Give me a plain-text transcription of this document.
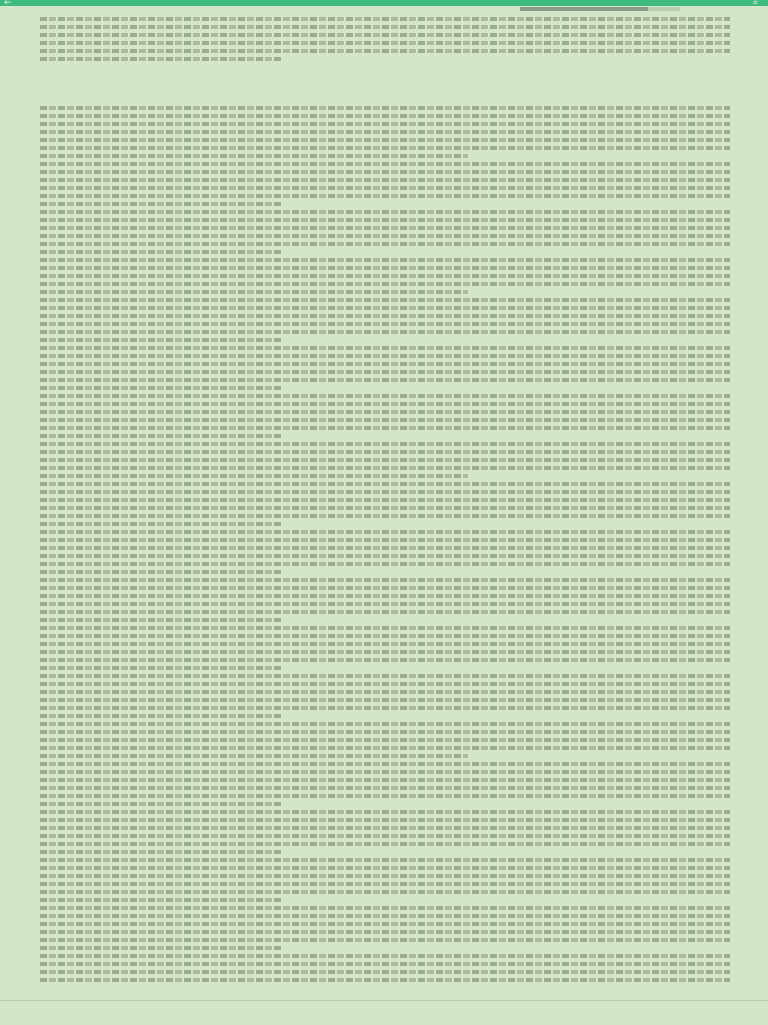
←	☰
